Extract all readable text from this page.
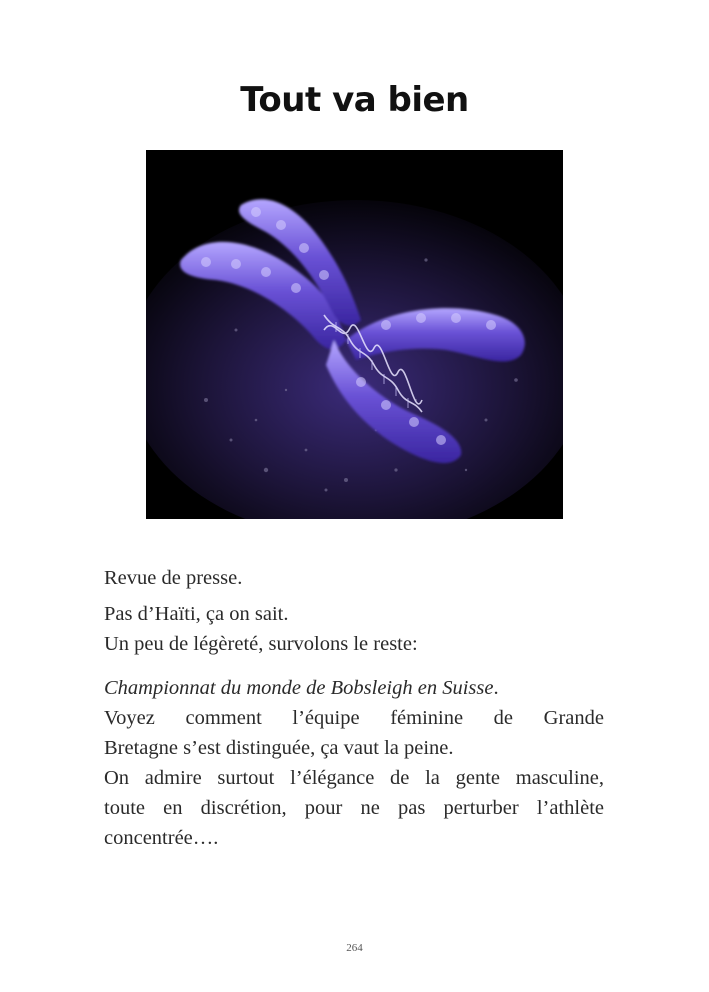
Tout va bien

Revue de presse.

Pas d’Haïti, ça on sait.

Un peu de légèreté, survolons le reste:

Championnat du monde de Bobsleigh en Suisse.

Voyez comment l’équipe féminine de Grande

Bretagne s’est distinguée, ça vaut la peine.

On admire surtout l’élégance de la gente masculine,

toute en discrétion, pour ne pas perturber l’athlète

concentrée….

264
